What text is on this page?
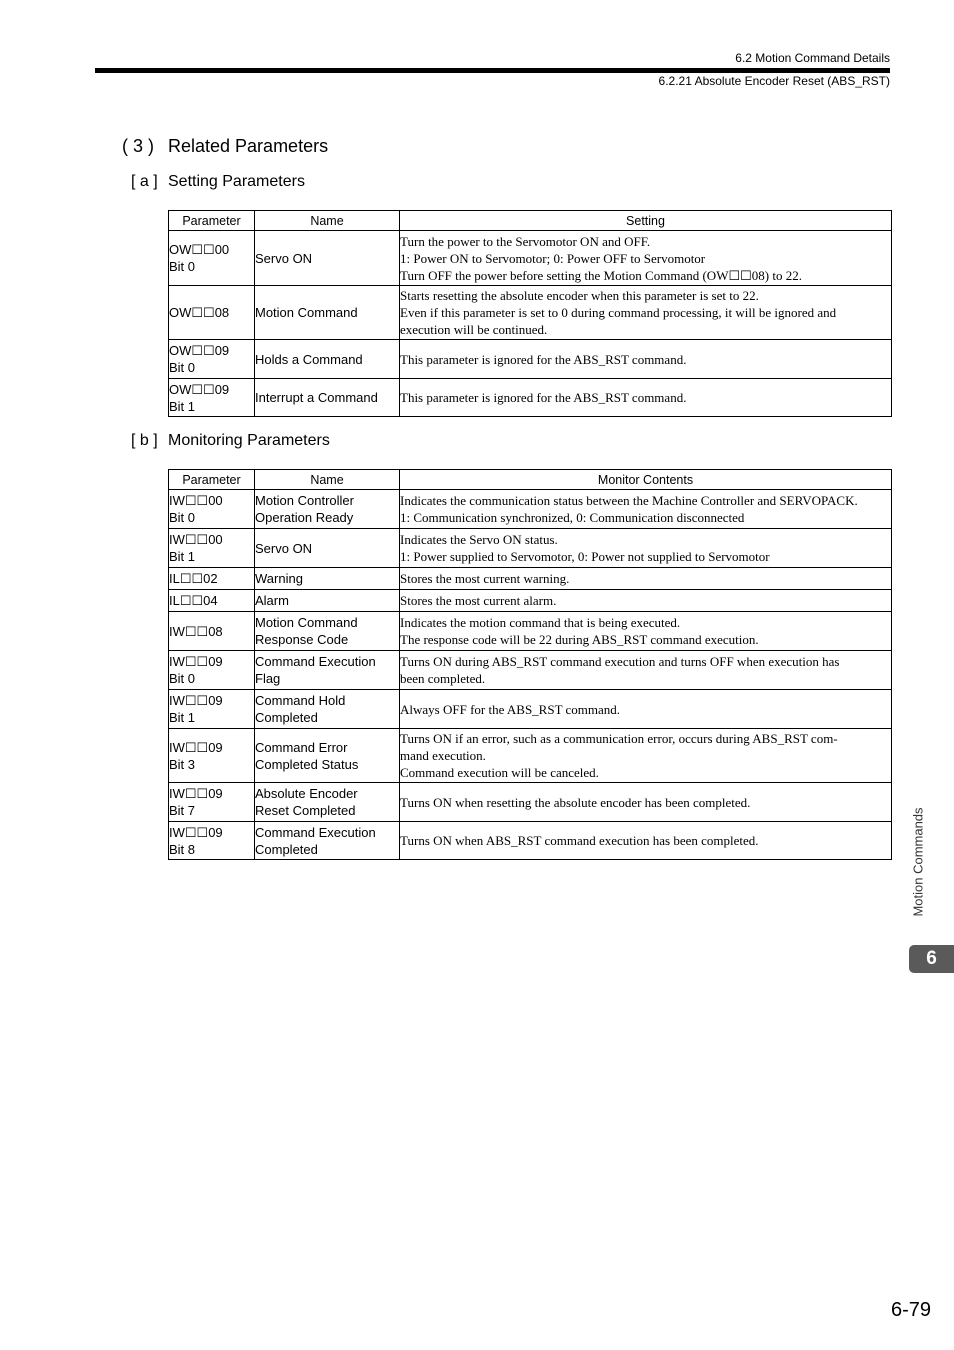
6.2 Motion Command Details
6.2.21 Absolute Encoder Reset (ABS_RST)
( 3 ) Related Parameters
[ a ] Setting Parameters
Parameter	Name	Setting

OW☐☐00
Bit 0	Servo ON	Turn the power to the Servomotor ON and OFF.
1: Power ON to Servomotor; 0: Power OFF to Servomotor
Turn OFF the power before setting the Motion Command (OW☐☐08) to 22.

OW☐☐08	Motion Command	Starts resetting the absolute encoder when this parameter is set to 22.
Even if this parameter is set to 0 during command processing, it will be ignored and
execution will be continued.

OW☐☐09
Bit 0	Holds a Command	This parameter is ignored for the ABS_RST command.

OW☐☐09
Bit 1	Interrupt a Command	This parameter is ignored for the ABS_RST command.
[ b ] Monitoring Parameters
Parameter	Name	Monitor Contents

IW☐☐00
Bit 0	Motion Controller
Operation Ready	Indicates the communication status between the Machine Controller and SERVOPACK.
1: Communication synchronized, 0: Communication disconnected

IW☐☐00
Bit 1	Servo ON	Indicates the Servo ON status.
1: Power supplied to Servomotor, 0: Power not supplied to Servomotor

IL☐☐02	Warning	Stores the most current warning.

IL☐☐04	Alarm	Stores the most current alarm.

IW☐☐08	Motion Command
Response Code	Indicates the motion command that is being executed.
The response code will be 22 during ABS_RST command execution.

IW☐☐09
Bit 0	Command Execution
Flag	Turns ON during ABS_RST command execution and turns OFF when execution has
been completed.

IW☐☐09
Bit 1	Command Hold
Completed	Always OFF for the ABS_RST command.

IW☐☐09
Bit 3	Command Error
Completed Status	Turns ON if an error, such as a communication error, occurs during ABS_RST com-
mand execution.
Command execution will be canceled.

IW☐☐09
Bit 7	Absolute Encoder
Reset Completed	Turns ON when resetting the absolute encoder has been completed.

IW☐☐09
Bit 8	Command Execution
Completed	Turns ON when ABS_RST command execution has been completed.	Motion Commands
6
6-79
